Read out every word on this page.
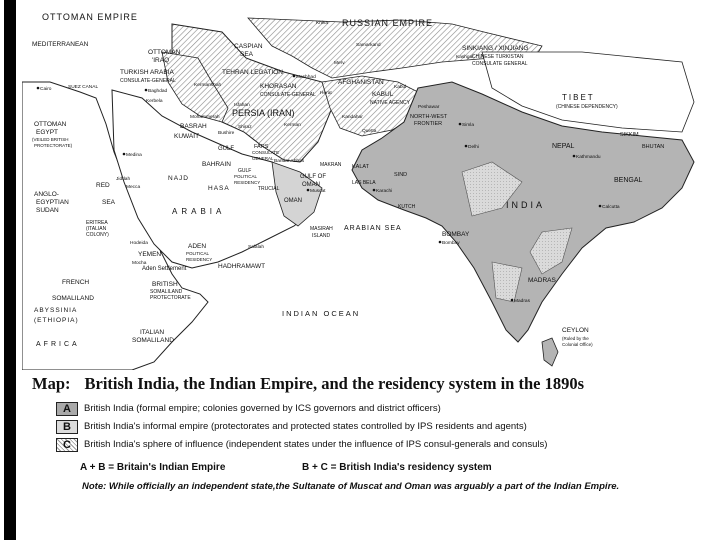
OTTOMAN EMPIRE
RUSSIAN EMPIRE
MEDITERRANEAN	CASPIAN
SEA
RED
SEA
ARABIAN SEA
INDIAN OCEAN
GULF OF
OMAN
GULF
OTTOMAN
'IRAQ
TURKISH ARABIA
CONSULATE-GENERAL
TEHRAN LEGATION
KHORASAN
CONSULATE-GENERAL
PERSIA (IRAN)
AFGHANISTAN
KABUL
NATIVE AGENCY
SINKIANG / XINJIANG
CHINESE TURKISTAN
CONSULATE GENERAL
TIBET
(CHINESE DEPENDENCY)
NORTH-WEST
FRONTIER
NEPAL
SIKKIM
BHUTAN
BENGAL
INDIA
BOMBAY
MADRAS
CEYLON
(Ruled by the
Colonial Office)
OTTOMAN
EGYPT
(VEILED BRITISH
PROTECTORATE)
ANGLO-
EGYPTIAN
SUDAN
ERITREA
(ITALIAN
COLONY)
YEMEN
ADEN
POLITICAL
RESIDENCY
Aden Settlement	HADHRAMAWT
FRENCH
SOMALILAND
BRITISH
SOMALILAND
PROTECTORATE
ABYSSINIA
(ETHIOPIA)
AFRICA
ITALIAN
SOMALILAND
ARABIA
NAJD
HASA
BAHRAIN
KUWAIT
BASRAH
FARS
CONSULATE
GENERAL
GULF
POLITICAL
RESIDENCY
TRUCIAL
OMAN
MASIRAH
ISLAND
KALAT
LAS BELA
KUTCH
SIND
MAKRAN
Cairo	SUEZ CANAL
Baghdad
Mashhad
Kerbela
Kermanshah
Isfahan
Mohammerah
Bushire
Shiraz	Kerman
Bandar Abbas
Muscat	Karachi
Quetta
Kandahar
Herat
Kabul
Peshawar
Simla
Delhi
Kathmandu
Calcutta
Bombay
Madras
Medina
Jiddah
Mecca
Hodeida
Mocha
Salalah
Khiva
Merv
Samarkand
Kashgar
Map: British India, the Indian Empire, and the residency system in the 1890s
A	British India (formal empire; colonies governed by ICS governors and district officers)
B	British India's informal empire (protectorates and protected states controlled by IPS residents and agents)
C	British India's sphere of influence (independent states under the influence of IPS consul-generals and consuls)
A + B = Britain's Indian Empire	B + C = British India's residency system
Note: While officially an independent state,the Sultanate of Muscat and Oman was arguably a part of the Indian Empire.
